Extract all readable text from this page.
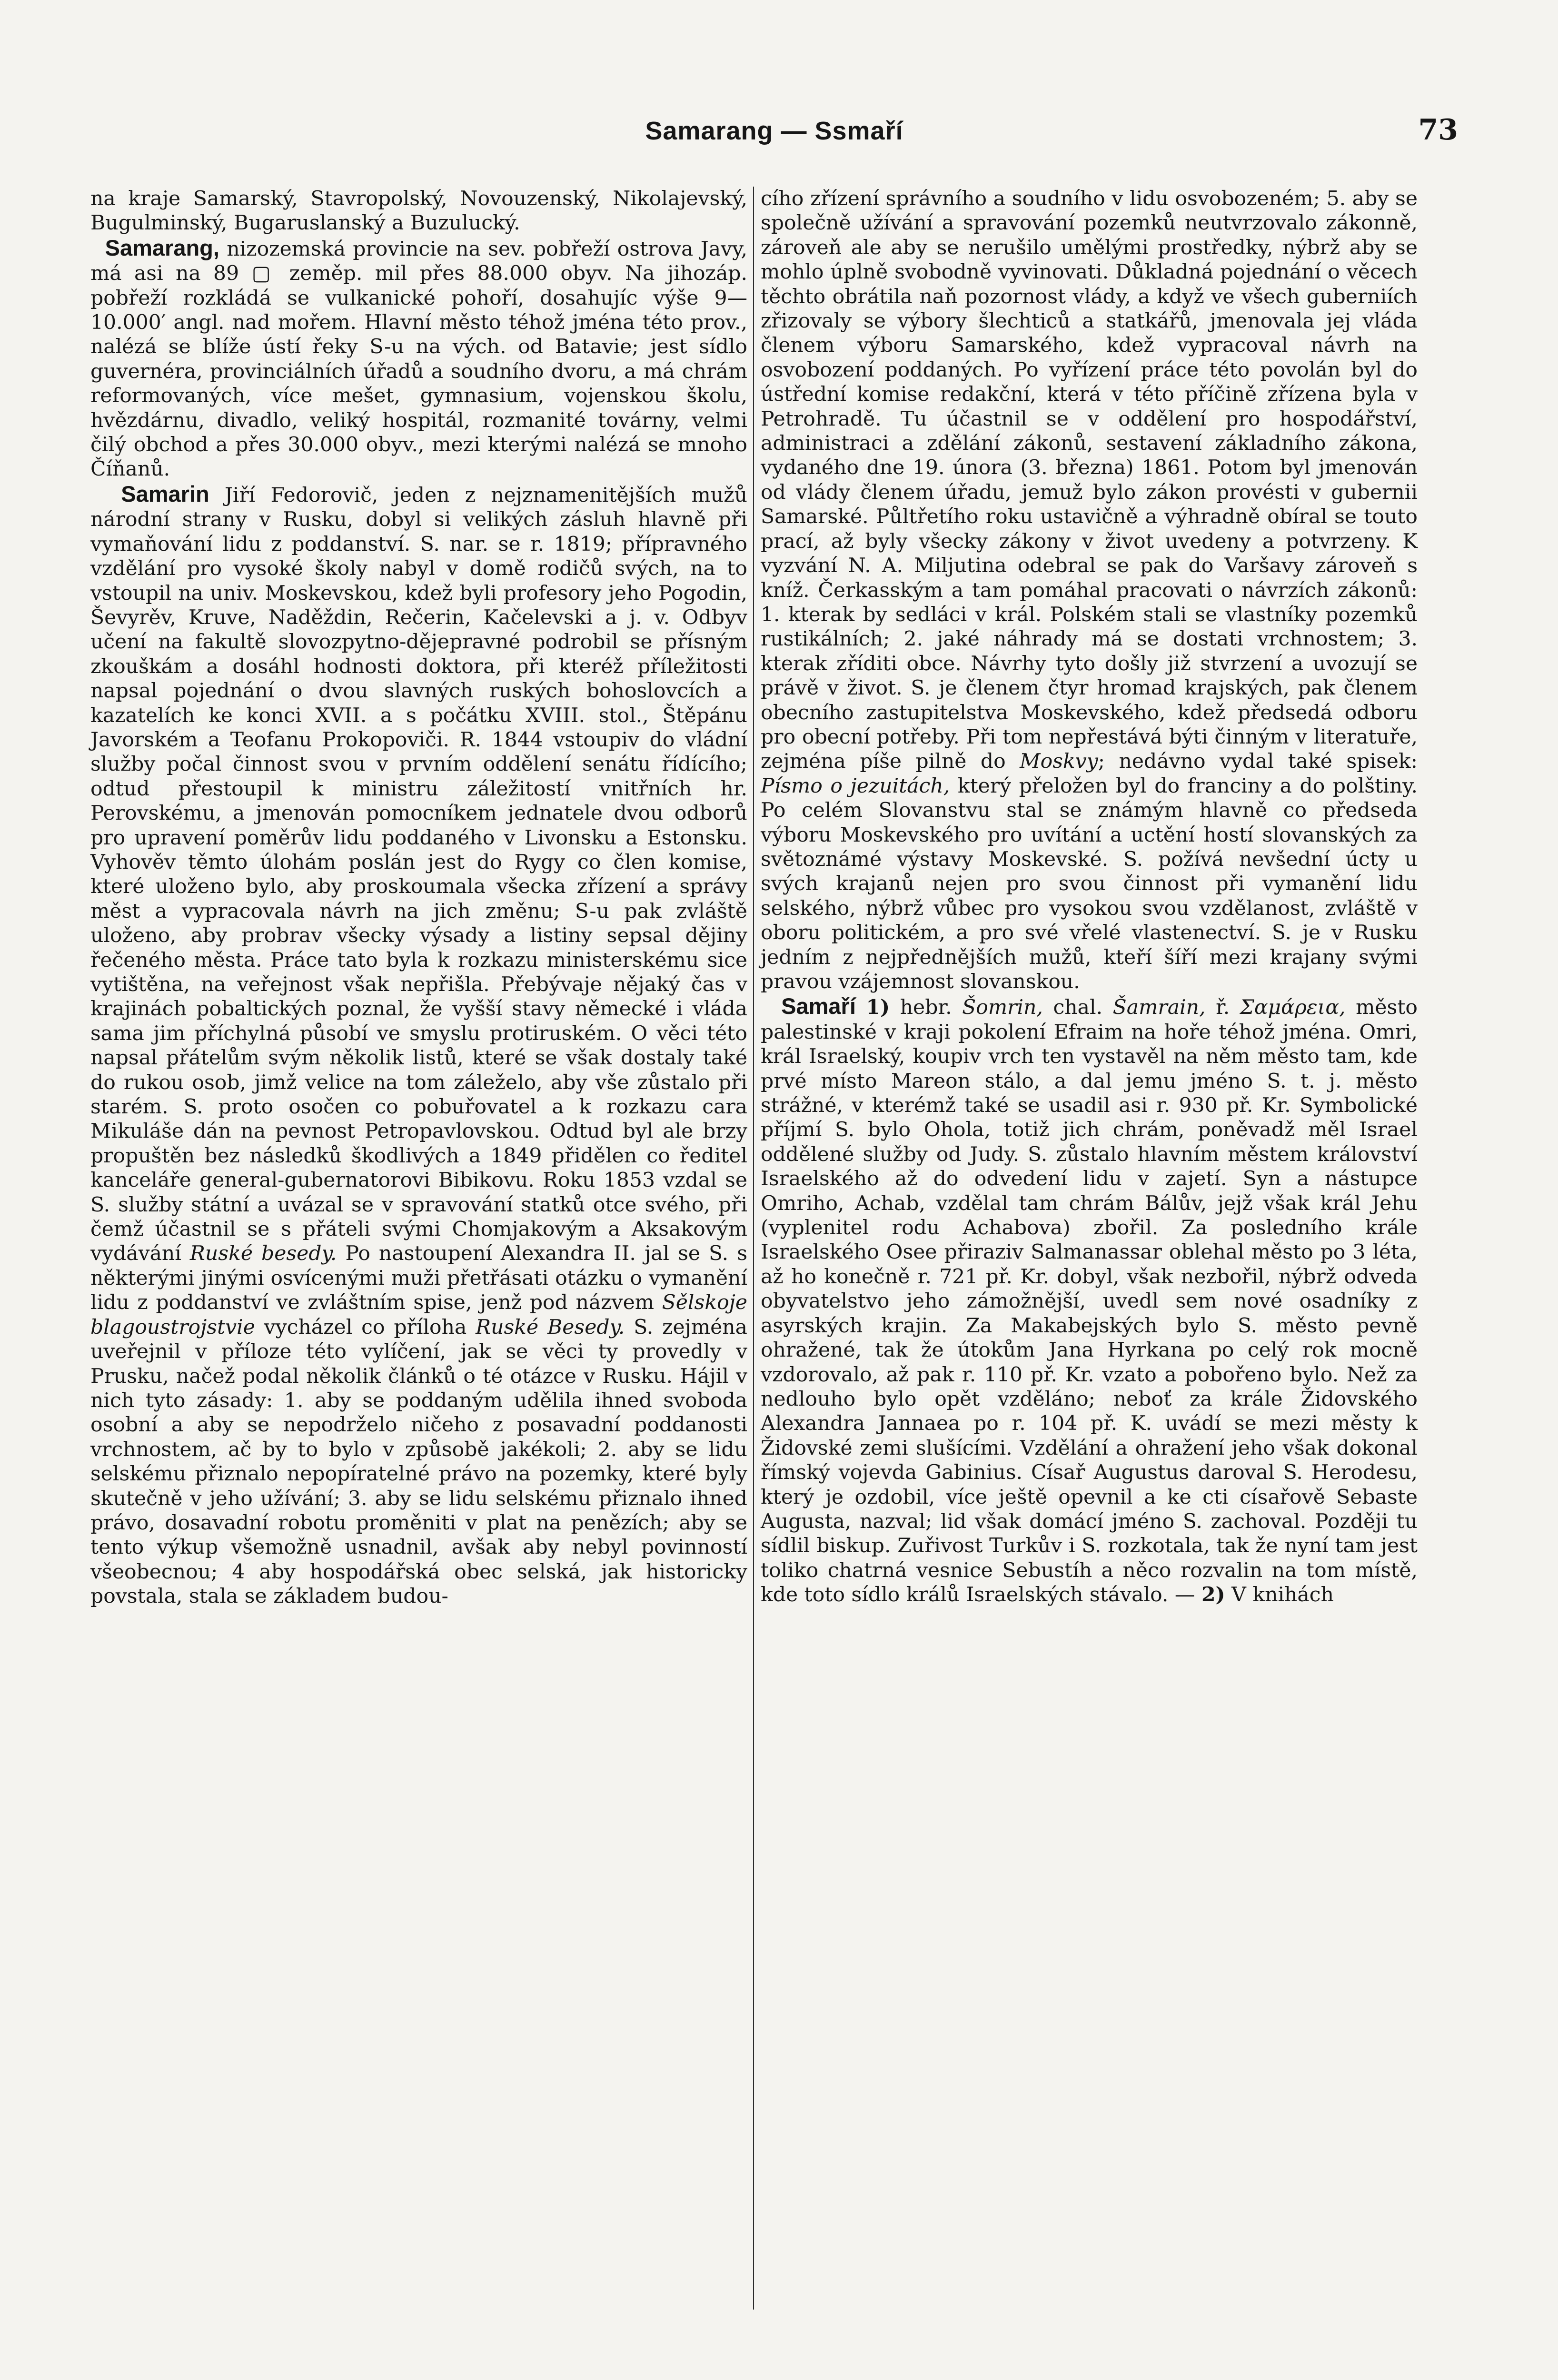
Samarang — Ssmaří	73

na kraje Samarský, Stavropolský, Novouzenský, Nikolajevský, Bugulminský, Bugaruslanský a Buzulucký.

Samarang, nizozemská provincie na sev. pobřeží ostrova Javy, má asi na 89 ▢ zeměp. mil přes 88.000 obyv. Na jihozáp. pobřeží rozkládá se vulkanické pohoří, dosahujíc výše 9—10.000′ angl. nad mořem. Hlavní město téhož jména této prov., nalézá se blíže ústí řeky S-u na vých. od Batavie; jest sídlo guvernéra, provinciálních úřadů a soudního dvoru, a má chrám reformovaných, více mešet, gymnasium, vojenskou školu, hvězdárnu, divadlo, veliký hospitál, rozmanité továrny, velmi čilý obchod a přes 30.000 obyv., mezi kterými nalézá se mnoho Číňanů.

Samarin Jiří Fedorovič, jeden z nejznamenitějších mužů národní strany v Rusku, dobyl si velikých zásluh hlavně při vymaňování lidu z poddanství. S. nar. se r. 1819; přípravného vzdělání pro vysoké školy nabyl v domě rodičů svých, na to vstoupil na univ. Moskevskou, kdež byli profesory jeho Pogodin, Ševyrěv, Kruve, Naděždin, Rečerin, Kačelevski a j. v. Odbyv učení na fakultě slovozpytno-dějepravné podrobil se přísným zkouškám a dosáhl hodnosti doktora, při kteréž příležitosti napsal pojednání o dvou slavných ruských bohoslovcích a kazatelích ke konci XVII. a s počátku XVIII. stol., Štěpánu Javorském a Teofanu Prokopoviči. R. 1844 vstoupiv do vládní služby počal činnost svou v prvním oddělení senátu řídícího; odtud přestoupil k ministru záležitostí vnitřních hr. Perovskému, a jmenován pomocníkem jednatele dvou odborů pro upravení poměrův lidu poddaného v Livonsku a Estonsku. Vyhověv těmto úlohám poslán jest do Rygy co člen komise, které uloženo bylo, aby proskoumala všecka zřízení a správy měst a vypracovala návrh na jich změnu; S-u pak zvláště uloženo, aby probrav všecky výsady a listiny sepsal dějiny řečeného města. Práce tato byla k rozkazu ministerskému sice vytištěna, na veřejnost však nepřišla. Přebývaje nějaký čas v krajinách pobaltických poznal, že vyšší stavy německé i vláda sama jim příchylná působí ve smyslu protiruském. O věci této napsal přátelům svým několik listů, které se však dostaly také do rukou osob, jimž velice na tom záleželo, aby vše zůstalo při starém. S. proto osočen co pobuřovatel a k rozkazu cara Mikuláše dán na pevnost Petropavlovskou. Odtud byl ale brzy propuštěn bez následků škodlivých a 1849 přidělen co ředitel kanceláře general-gubernatorovi Bibikovu. Roku 1853 vzdal se S. služby státní a uvázal se v spravování statků otce svého, při čemž účastnil se s přáteli svými Chomjakovým a Aksakovým vydávání Ruské besedy. Po nastoupení Alexandra II. jal se S. s některými jinými osvícenými muži přetřásati otázku o vymanění lidu z poddanství ve zvláštním spise, jenž pod názvem Sělskoje blagoustrojstvie vycházel co příloha Ruské Besedy. S. zejména uveřejnil v příloze této vylíčení, jak se věci ty provedly v Prusku, načež podal několik článků o té otázce v Rusku. Hájil v nich tyto zásady: 1. aby se poddaným udělila ihned svoboda osobní a aby se nepodrželo ničeho z posavadní poddanosti vrchnostem, ač by to bylo v způsobě jakékoli; 2. aby se lidu selskému přiznalo nepopíratelné právo na pozemky, které byly skutečně v jeho užívání; 3. aby se lidu selskému přiznalo ihned právo, dosavadní robotu proměniti v plat na penězích; aby se tento výkup všemožně usnadnil, avšak aby nebyl povinností všeobecnou; 4 aby hospodářská obec selská, jak historicky povstala, stala se základem budou-

cího zřízení správního a soudního v lidu osvobozeném; 5. aby se společně užívání a spravování pozemků neutvrzovalo zákonně, zároveň ale aby se nerušilo umělými prostředky, nýbrž aby se mohlo úplně svobodně vyvinovati. Důkladná pojednání o věcech těchto obrátila naň pozornost vlády, a když ve všech guberniích zřizovaly se výbory šlechticů a statkářů, jmenovala jej vláda členem výboru Samarského, kdež vypracoval návrh na osvobození poddaných. Po vyřízení práce této povolán byl do ústřední komise redakční, která v této příčině zřízena byla v Petrohradě. Tu účastnil se v oddělení pro hospodářství, administraci a zdělání zákonů, sestavení základního zákona, vydaného dne 19. února (3. března) 1861. Potom byl jmenován od vlády členem úřadu, jemuž bylo zákon provésti v gubernii Samarské. Půltřetího roku ustavičně a výhradně obíral se touto prací, až byly všecky zákony v život uvedeny a potvrzeny. K vyzvání N. A. Miljutina odebral se pak do Varšavy zároveň s kníž. Čerkasským a tam pomáhal pracovati o návrzích zákonů: 1. kterak by sedláci v král. Polském stali se vlastníky pozemků rustikálních; 2. jaké náhrady má se dostati vrchnostem; 3. kterak zříditi obce. Návrhy tyto došly již stvrzení a uvozují se právě v život. S. je členem čtyr hromad krajských, pak členem obecního zastupitelstva Moskevského, kdež předsedá odboru pro obecní potřeby. Při tom nepřestává býti činným v literatuře, zejména píše pilně do Moskvy; nedávno vydal také spisek: Písmo o jezuitách, který přeložen byl do franciny a do polštiny. Po celém Slovanstvu stal se známým hlavně co předseda výboru Moskevského pro uvítání a uctění hostí slovanských za světoznámé výstavy Moskevské. S. požívá nevšední úcty u svých krajanů nejen pro svou činnost při vymanění lidu selského, nýbrž vůbec pro vysokou svou vzdělanost, zvláště v oboru politickém, a pro své vřelé vlastenectví. S. je v Rusku jedním z nejpřednějších mužů, kteří šíří mezi krajany svými pravou vzájemnost slovanskou.

Samaří 1) hebr. Šomrin, chal. Šamrain, ř. Σαμάρεια, město palestinské v kraji pokolení Efraim na hoře téhož jména. Omri, král Israelský, koupiv vrch ten vystavěl na něm město tam, kde prvé místo Mareon stálo, a dal jemu jméno S. t. j. město strážné, v kterémž také se usadil asi r. 930 př. Kr. Symbolické příjmí S. bylo Ohola, totiž jich chrám, poněvadž měl Israel oddělené služby od Judy. S. zůstalo hlavním městem království Israelského až do odvedení lidu v zajetí. Syn a nástupce Omriho, Achab, vzdělal tam chrám Bálův, jejž však král Jehu (vyplenitel rodu Achabova) zbořil. Za posledního krále Israelského Osee přiraziv Salmanassar oblehal město po 3 léta, až ho konečně r. 721 př. Kr. dobyl, však nezbořil, nýbrž odveda obyvatelstvo jeho zámožnější, uvedl sem nové osadníky z asyrských krajin. Za Makabejských bylo S. město pevně ohražené, tak že útokům Jana Hyrkana po celý rok mocně vzdorovalo, až pak r. 110 př. Kr. vzato a pobořeno bylo. Než za nedlouho bylo opět vzděláno; neboť za krále Židovského Alexandra Jannaea po r. 104 př. K. uvádí se mezi městy k Židovské zemi slušícími. Vzdělání a ohražení jeho však dokonal římský vojevda Gabinius. Císař Augustus daroval S. Herodesu, který je ozdobil, více ještě opevnil a ke cti císařově Sebaste Augusta, nazval; lid však domácí jméno S. zachoval. Později tu sídlil biskup. Zuřivost Turkův i S. rozkotala, tak že nyní tam jest toliko chatrná vesnice Sebustíh a něco rozvalin na tom místě, kde toto sídlo králů Israelských stávalo. — 2) V knihách
